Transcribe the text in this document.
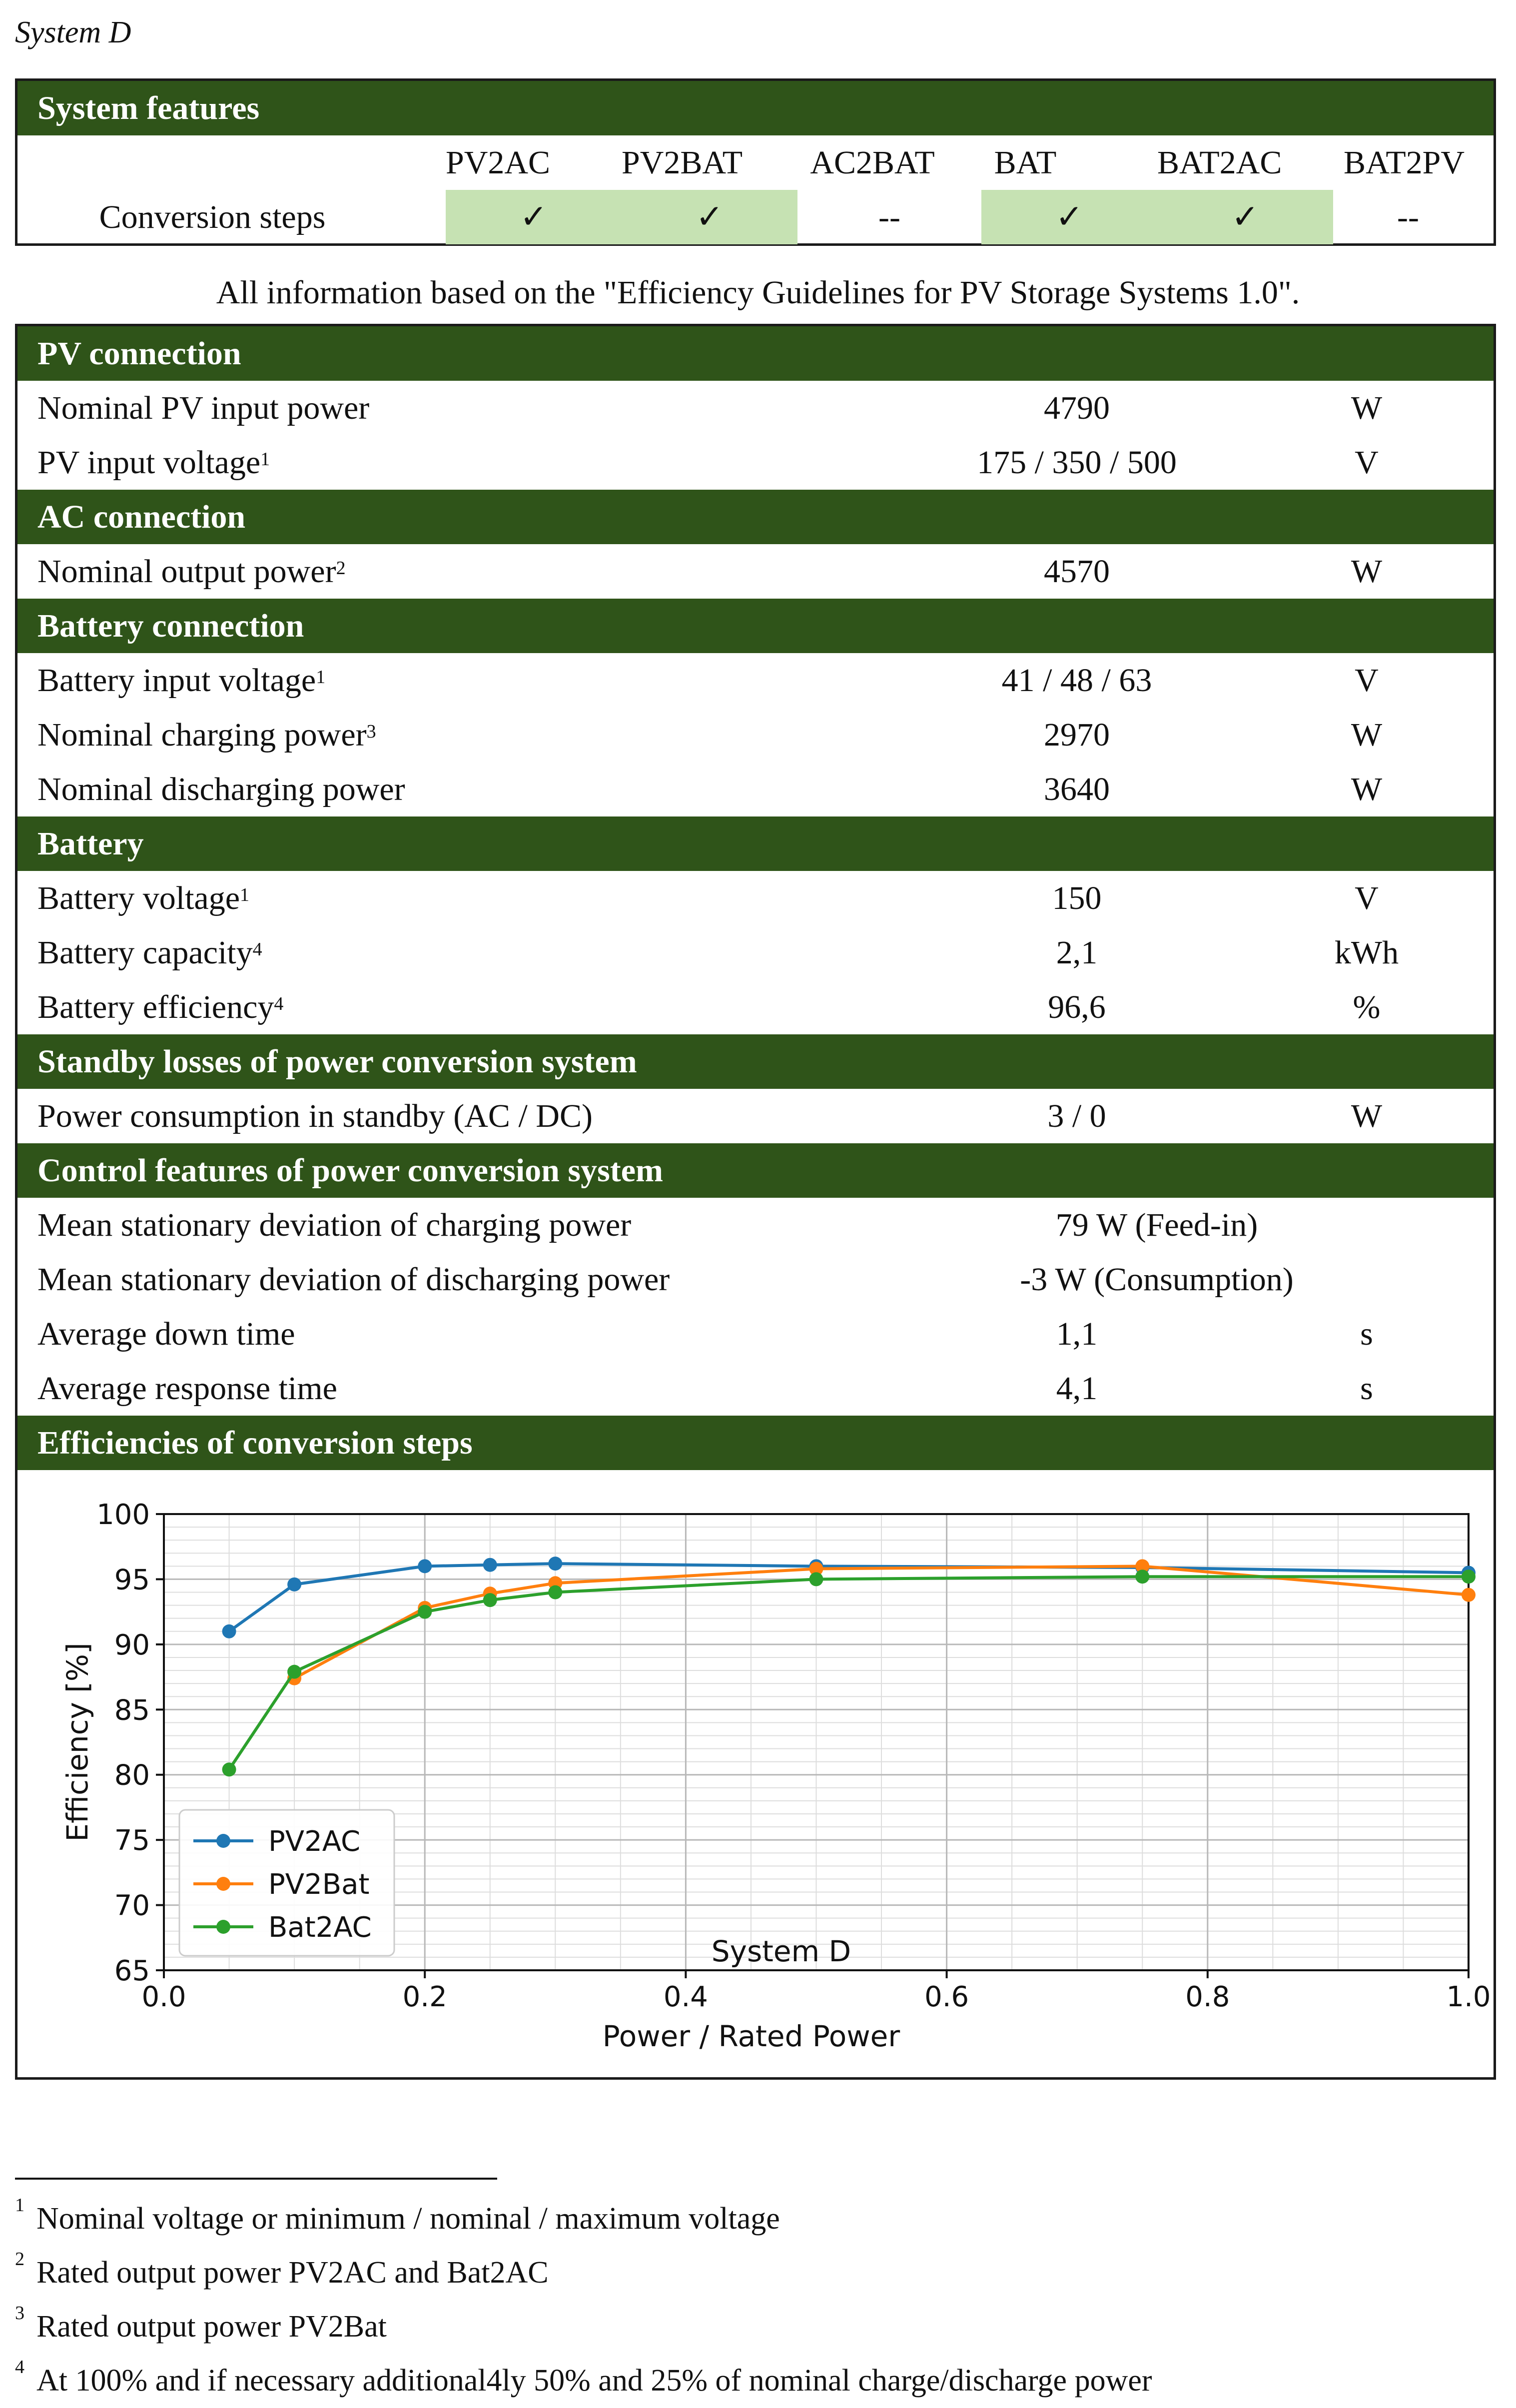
System D
System features
PV2AC PV2BAT	AC2BAT	BAT	BAT2AC	BAT2PV
Conversion steps	✓	✓	--	✓	✓	--
All information based on the "Efficiency Guidelines for PV Storage Systems 1.0".
PV connection
Nominal PV input power	4790	W
PV input voltage$^1$	175 / 350 / 500	V
AC connection
Nominal output power$^2$	4570	W
Battery connection
Battery input voltage$^1$	41 / 48 / 63	V
Nominal charging power$^3$	2970	W
Nominal discharging power	3640	W
Battery
Battery voltage$^1$	150	V
Battery capacity$^4$	2,1	kWh
Battery efficiency$^4$	96,6	%
Standby losses of power conversion system
Power consumption in standby (AC / DC)	3 / 0	W
Control features of power conversion system
Mean stationary deviation of charging power	79 W (Feed-in)
Mean stationary deviation of discharging power	-3 W (Consumption)
Average down time	1,1	s
Average response time	4,1	s
Efficiencies of conversion steps
0.0	0.2	0.4	0.6	0.8	1.0
65
70
75
80
85
90
95
100
System D
Power / Rated Power
Efficiency [%]	PV2AC
PV2Bat
Bat2AC
$^1$ Nominal voltage or minimum / nominal / maximum voltage
$^2$ Rated output power PV2AC and Bat2AC
$^3$ Rated output power PV2Bat
$^4$ At 100% and if necessary additional4ly 50% and 25% of nominal charge/discharge power
